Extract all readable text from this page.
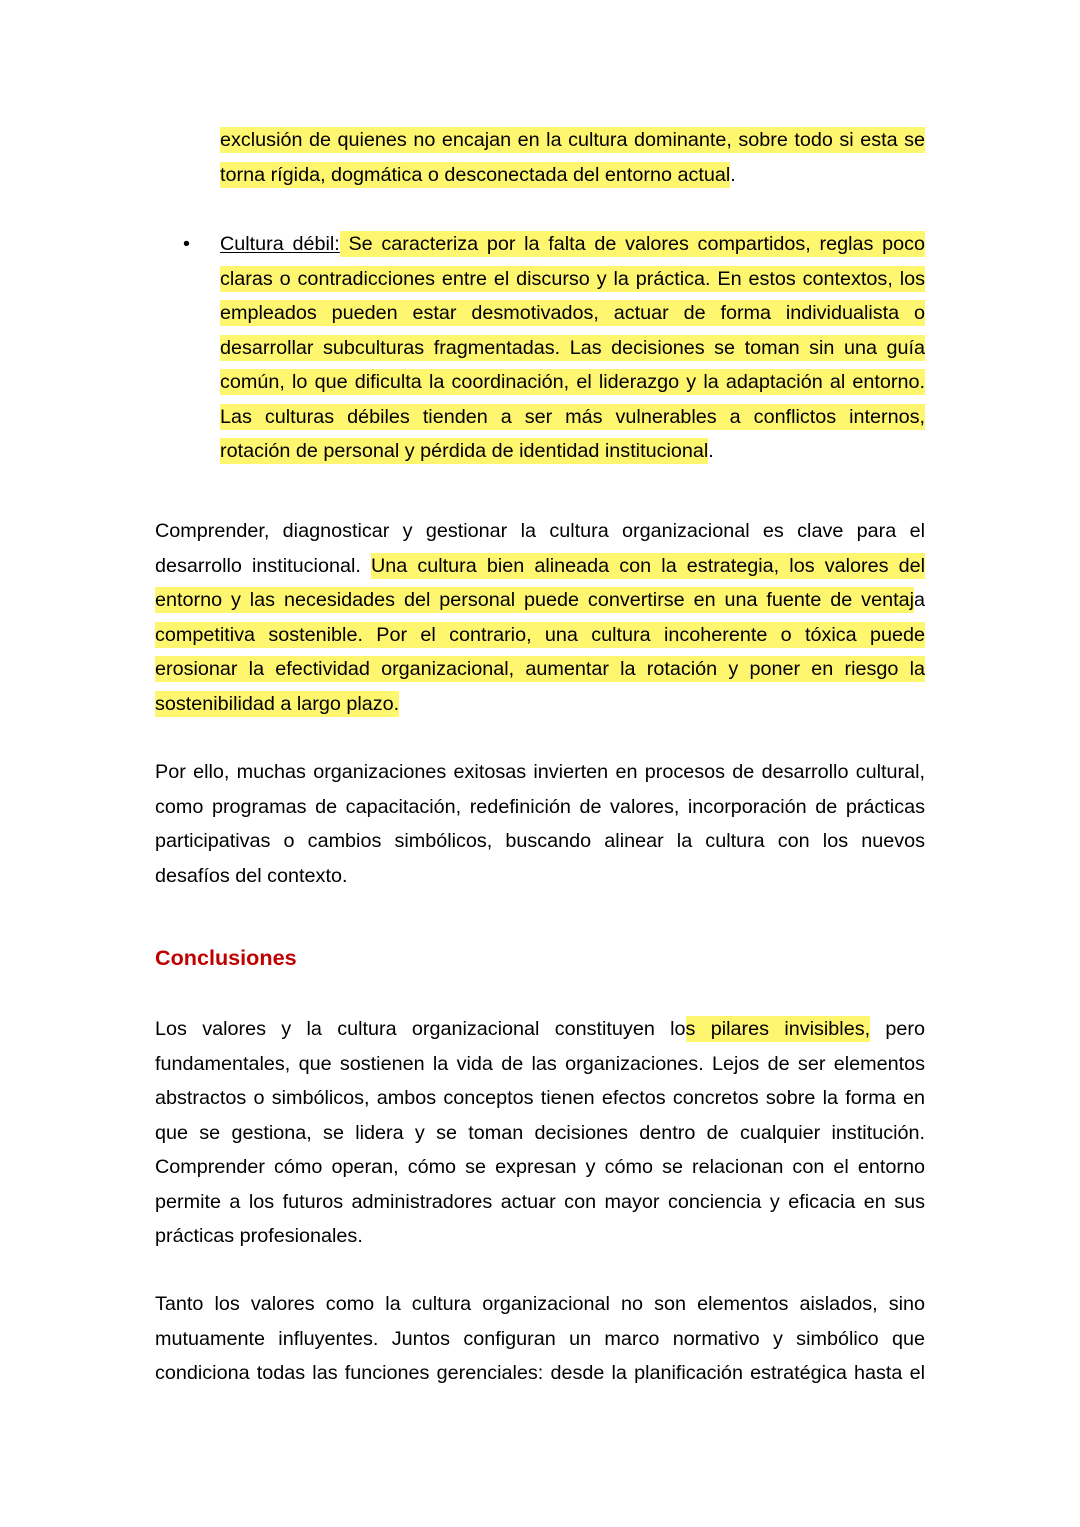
exclusión de quienes no encajan en la cultura dominante, sobre todo si esta se
torna rígida, dogmática o desconectada del entorno actual.
• Cultura débil: Se caracteriza por la falta de valores compartidos, reglas poco
claras o contradicciones entre el discurso y la práctica. En estos contextos, los
empleados pueden estar desmotivados, actuar de forma individualista o
desarrollar subculturas fragmentadas. Las decisiones se toman sin una guía
común, lo que dificulta la coordinación, el liderazgo y la adaptación al entorno.
Las culturas débiles tienden a ser más vulnerables a conflictos internos,
rotación de personal y pérdida de identidad institucional.
Comprender, diagnosticar y gestionar la cultura organizacional es clave para el
desarrollo institucional. Una cultura bien alineada con la estrategia, los valores del
entorno y las necesidades del personal puede convertirse en una fuente de ventaja
competitiva sostenible. Por el contrario, una cultura incoherente o tóxica puede
erosionar la efectividad organizacional, aumentar la rotación y poner en riesgo la
sostenibilidad a largo plazo.
Por ello, muchas organizaciones exitosas invierten en procesos de desarrollo cultural,
como programas de capacitación, redefinición de valores, incorporación de prácticas
participativas o cambios simbólicos, buscando alinear la cultura con los nuevos
desafíos del contexto.
Conclusiones
Los valores y la cultura organizacional constituyen los pilares invisibles, pero
fundamentales, que sostienen la vida de las organizaciones. Lejos de ser elementos
abstractos o simbólicos, ambos conceptos tienen efectos concretos sobre la forma en
que se gestiona, se lidera y se toman decisiones dentro de cualquier institución.
Comprender cómo operan, cómo se expresan y cómo se relacionan con el entorno
permite a los futuros administradores actuar con mayor conciencia y eficacia en sus
prácticas profesionales.
Tanto los valores como la cultura organizacional no son elementos aislados, sino
mutuamente influyentes. Juntos configuran un marco normativo y simbólico que
condiciona todas las funciones gerenciales: desde la planificación estratégica hasta el
